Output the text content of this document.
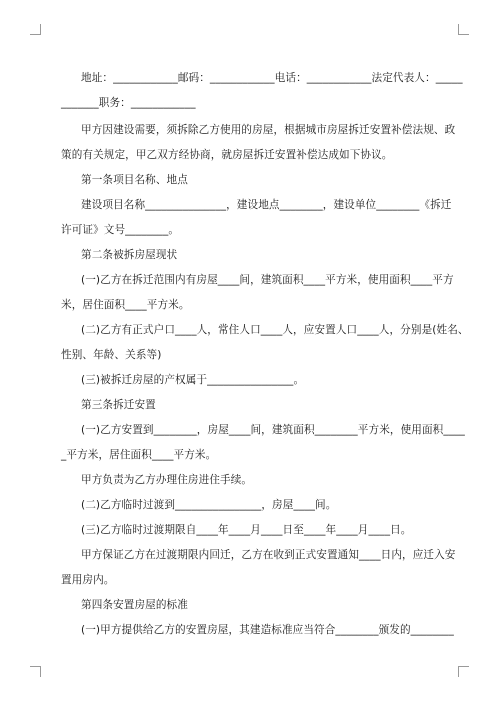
地址：____________邮码：____________电话：____________法定代表人：_____
_______职务：____________
甲方因建设需要，须拆除乙方使用的房屋，根据城市房屋拆迁安置补偿法规、政
策的有关规定，甲乙双方经协商，就房屋拆迁安置补偿达成如下协议。
第一条项目名称、地点
建设项目名称_______________，建设地点________，建设单位________《拆迁
许可证》文号________。
第二条被拆房屋现状
(一)乙方在拆迁范围内有房屋____间，建筑面积____平方米，使用面积____平方
米，居住面积____平方米。
(二)乙方有正式户口____人，常住人口____人，应安置人口____人，分别是(姓名、
性别、年龄、关系等)
(三)被拆迁房屋的产权属于________________。
第三条拆迁安置
(一)乙方安置到________，房屋____间，建筑面积________平方米，使用面积____
_平方米，居住面积____平方米。
甲方负责为乙方办理住房进住手续。
(二)乙方临时过渡到________________，房屋____间。
(三)乙方临时过渡期限自____年____月____日至____年____月____日。
甲方保证乙方在过渡期限内回迁，乙方在收到正式安置通知____日内，应迁入安
置用房内。
第四条安置房屋的标准
(一)甲方提供给乙方的安置房屋，其建造标准应当符合________颁发的________
